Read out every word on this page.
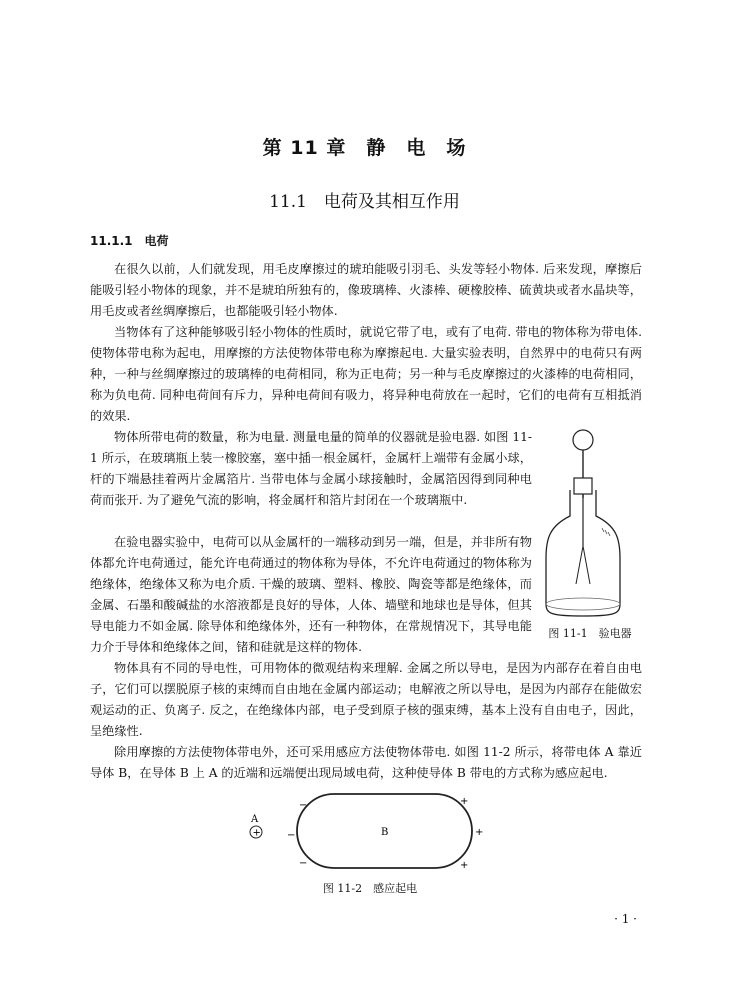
第 11 章　静　电　场
11.1　电荷及其相互作用
11.1.1　电荷

在很久以前，人们就发现，用毛皮摩擦过的琥珀能吸引羽毛、头发等轻小物体. 后来发现，摩擦后能吸引轻小物体的现象，并不是琥珀所独有的，像玻璃棒、火漆棒、硬橡胶棒、硫黄块或者水晶块等，用毛皮或者丝绸摩擦后，也都能吸引轻小物体.

当物体有了这种能够吸引轻小物体的性质时，就说它带了电，或有了电荷. 带电的物体称为带电体. 使物体带电称为起电，用摩擦的方法使物体带电称为摩擦起电. 大量实验表明，自然界中的电荷只有两种，一种与丝绸摩擦过的玻璃棒的电荷相同，称为正电荷；另一种与毛皮摩擦过的火漆棒的电荷相同，称为负电荷. 同种电荷间有斥力，异种电荷间有吸力，将异种电荷放在一起时，它们的电荷有互相抵消的效果.

物体所带电荷的数量，称为电量. 测量电量的简单的仪器就是验电器. 如图 11-1 所示，在玻璃瓶上装一橡胶塞，塞中插一根金属杆，金属杆上端带有金属小球，杆的下端悬挂着两片金属箔片. 当带电体与金属小球接触时，金属箔因得到同种电荷而张开. 为了避免气流的影响，将金属杆和箔片封闭在一个玻璃瓶中.

在验电器实验中，电荷可以从金属杆的一端移动到另一端，但是，并非所有物体都允许电荷通过，能允许电荷通过的物体称为导体，不允许电荷通过的物体称为绝缘体，绝缘体又称为电介质. 干燥的玻璃、塑料、橡胶、陶瓷等都是绝缘体，而金属、石墨和酸碱盐的水溶液都是良好的导体，人体、墙壁和地球也是导体，但其导电能力不如金属. 除导体和绝缘体外，还有一种物体，在常规情况下，其导电能力介于导体和绝缘体之间，锗和硅就是这样的物体.

物体具有不同的导电性，可用物体的微观结构来理解. 金属之所以导电，是因为内部存在着自由电子，它们可以摆脱原子核的束缚而自由地在金属内部运动；电解液之所以导电，是因为内部存在能做宏观运动的正、负离子. 反之，在绝缘体内部，电子受到原子核的强束缚，基本上没有自由电子，因此，呈绝缘性.

除用摩擦的方法使物体带电外，还可采用感应方法使物体带电. 如图 11-2 所示，将带电体 A 靠近导体 B，在导体 B 上 A 的近端和远端便出现局域电荷，这种使导体 B 带电的方式称为感应起电.

图 11-1　验电器
A
+	B
−
−
−
+
+
+
图 11-2　感应起电
· 1 ·
